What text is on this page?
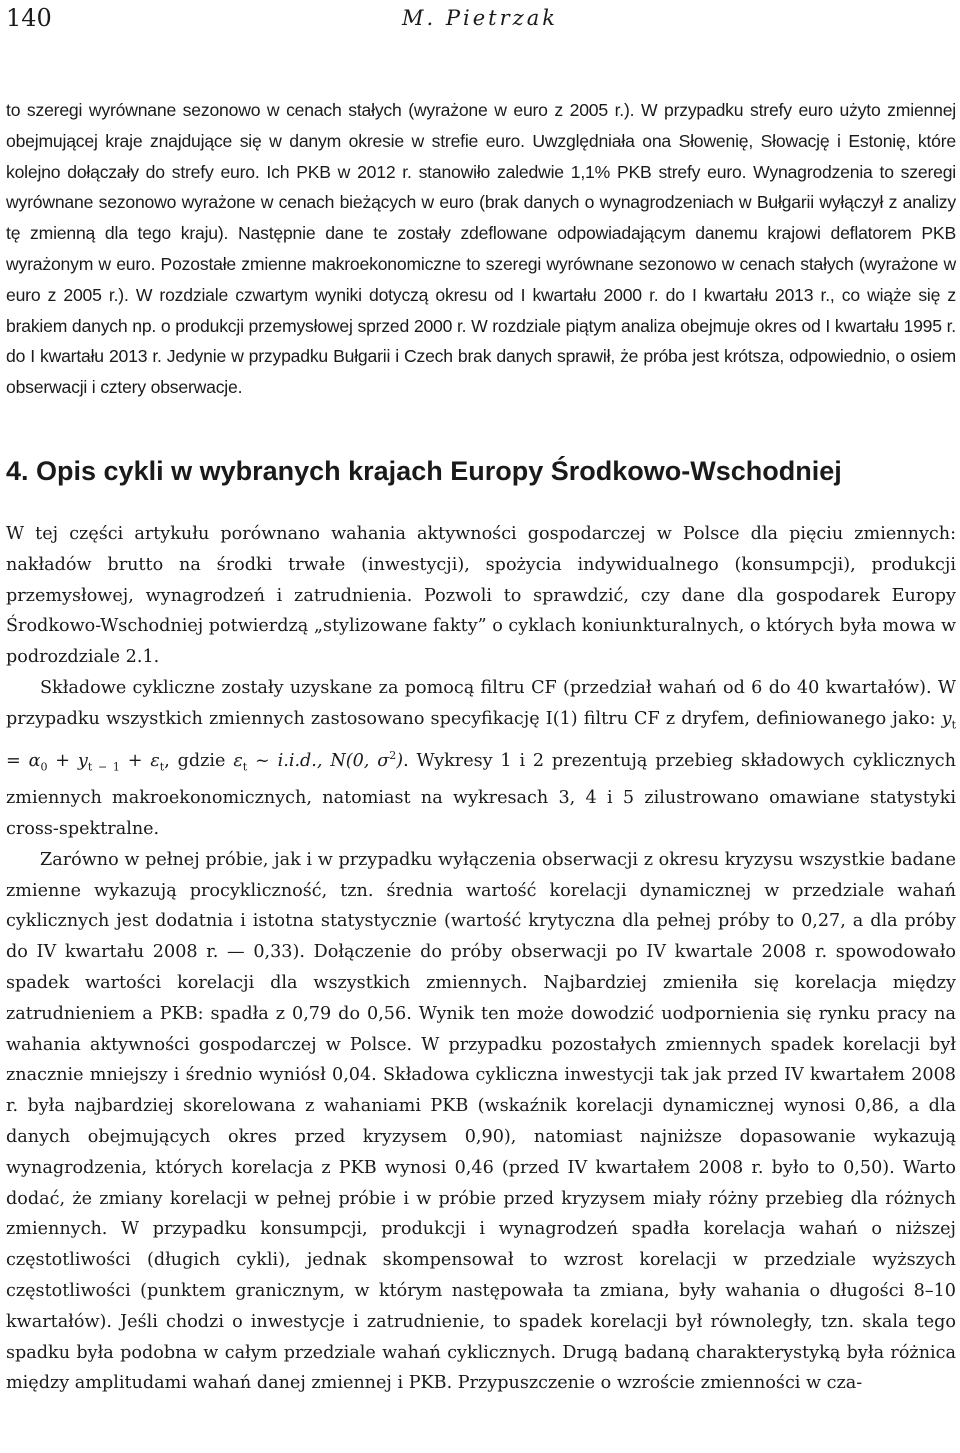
140	M. Pietrzak

to szeregi wyrównane sezonowo w cenach stałych (wyrażone w euro z 2005 r.). W przypadku strefy euro użyto zmiennej obejmującej kraje znajdujące się w danym okresie w strefie euro. Uwzględniała ona Słowenię, Słowację i Estonię, które kolejno dołączały do strefy euro. Ich PKB w 2012 r. stanowiło zaledwie 1,1% PKB strefy euro. Wynagrodzenia to szeregi wyrównane sezonowo wyrażone w cenach bieżących w euro (brak danych o wynagrodzeniach w Bułgarii wyłączył z analizy tę zmienną dla tego kraju). Następnie dane te zostały zdeflowane odpowiadającym danemu krajowi deflatorem PKB wyrażonym w euro. Pozostałe zmienne makroekonomiczne to szeregi wyrównane sezonowo w cenach stałych (wyrażone w euro z 2005 r.). W rozdziale czwartym wyniki dotyczą okresu od I kwartału 2000 r. do I kwartału 2013 r., co wiąże się z brakiem danych np. o produkcji przemysłowej sprzed 2000 r. W rozdziale piątym analiza obejmuje okres od I kwartału 1995 r. do I kwartału 2013 r. Jedynie w przypadku Bułgarii i Czech brak danych sprawił, że próba jest krótsza, odpowiednio, o osiem obserwacji i cztery obserwacje.

4. Opis cykli w wybranych krajach Europy Środkowo-Wschodniej

W tej części artykułu porównano wahania aktywności gospodarczej w Polsce dla pięciu zmiennych: nakładów brutto na środki trwałe (inwestycji), spożycia indywidualnego (konsumpcji), produkcji przemysłowej, wynagrodzeń i zatrudnienia. Pozwoli to sprawdzić, czy dane dla gospodarek Europy Środkowo-Wschodniej potwierdzą „stylizowane fakty” o cyklach koniunkturalnych, o których była mowa w podrozdziale 2.1.

Składowe cykliczne zostały uzyskane za pomocą filtru CF (przedział wahań od 6 do 40 kwartałów). W przypadku wszystkich zmiennych zastosowano specyfikację I(1) filtru CF z dryfem, definiowanego jako: $y_t = \alpha_0 + y_{t - 1} + \varepsilon_t$, gdzie $\varepsilon_t$ ~ i.i.d., N(0, $\sigma^2$). Wykresy 1 i 2 prezentują przebieg składowych cyklicznych zmiennych makroekonomicznych, natomiast na wykresach 3, 4 i 5 zilustrowano omawiane statystyki cross-spektralne.

Zarówno w pełnej próbie, jak i w przypadku wyłączenia obserwacji z okresu kryzysu wszystkie badane zmienne wykazują procykliczność, tzn. średnia wartość korelacji dynamicznej w przedziale wahań cyklicznych jest dodatnia i istotna statystycznie (wartość krytyczna dla pełnej próby to 0,27, a dla próby do IV kwartału 2008 r. — 0,33). Dołączenie do próby obserwacji po IV kwartale 2008 r. spowodowało spadek wartości korelacji dla wszystkich zmiennych. Najbardziej zmieniła się korelacja między zatrudnieniem a PKB: spadła z 0,79 do 0,56. Wynik ten może dowodzić uodpornienia się rynku pracy na wahania aktywności gospodarczej w Polsce. W przypadku pozostałych zmiennych spadek korelacji był znacznie mniejszy i średnio wyniósł 0,04. Składowa cykliczna inwestycji tak jak przed IV kwartałem 2008 r. była najbardziej skorelowana z wahaniami PKB (wskaźnik korelacji dynamicznej wynosi 0,86, a dla danych obejmujących okres przed kryzysem 0,90), natomiast najniższe dopasowanie wykazują wynagrodzenia, których korelacja z PKB wynosi 0,46 (przed IV kwartałem 2008 r. było to 0,50). Warto dodać, że zmiany korelacji w pełnej próbie i w próbie przed kryzysem miały różny przebieg dla różnych zmiennych. W przypadku konsumpcji, produkcji i wynagrodzeń spadła korelacja wahań o niższej częstotliwości (długich cykli), jednak skompensował to wzrost korelacji w przedziale wyższych częstotliwości (punktem granicznym, w którym następowała ta zmiana, były wahania o długości 8–10 kwartałów). Jeśli chodzi o inwestycje i zatrudnienie, to spadek korelacji był równoległy, tzn. skala tego spadku była podobna w całym przedziale wahań cyklicznych. Drugą badaną charakterystyką była różnica między amplitudami wahań danej zmiennej i PKB. Przypuszczenie o wzroście zmienności w cza-
